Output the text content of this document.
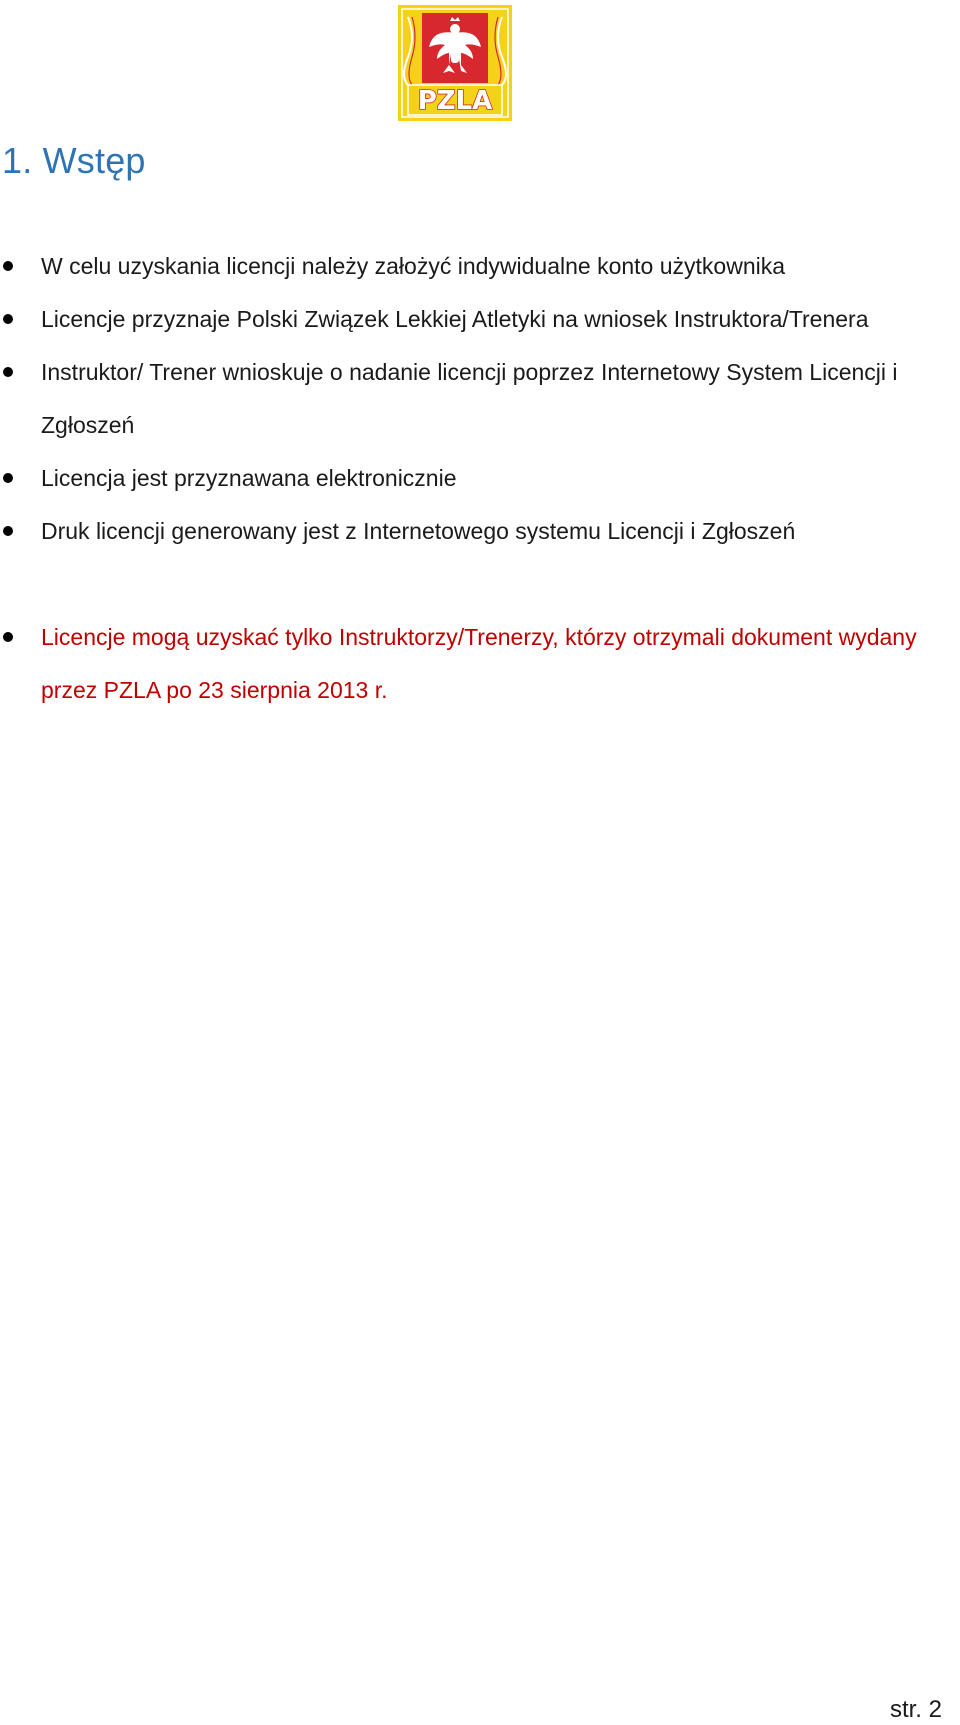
PZLA
1. Wstęp
W celu uzyskania licencji należy założyć indywidualne konto użytkownika
Licencje przyznaje Polski Związek Lekkiej Atletyki na wniosek Instruktora/Trenera
Instruktor/ Trener wnioskuje o nadanie licencji poprzez Internetowy System Licencji i Zgłoszeń
Licencja jest przyznawana elektronicznie
Druk licencji generowany jest z Internetowego systemu Licencji i Zgłoszeń
Licencje mogą uzyskać tylko Instruktorzy/Trenerzy, którzy otrzymali dokument wydany przez PZLA po 23 sierpnia 2013 r.
str. 2
